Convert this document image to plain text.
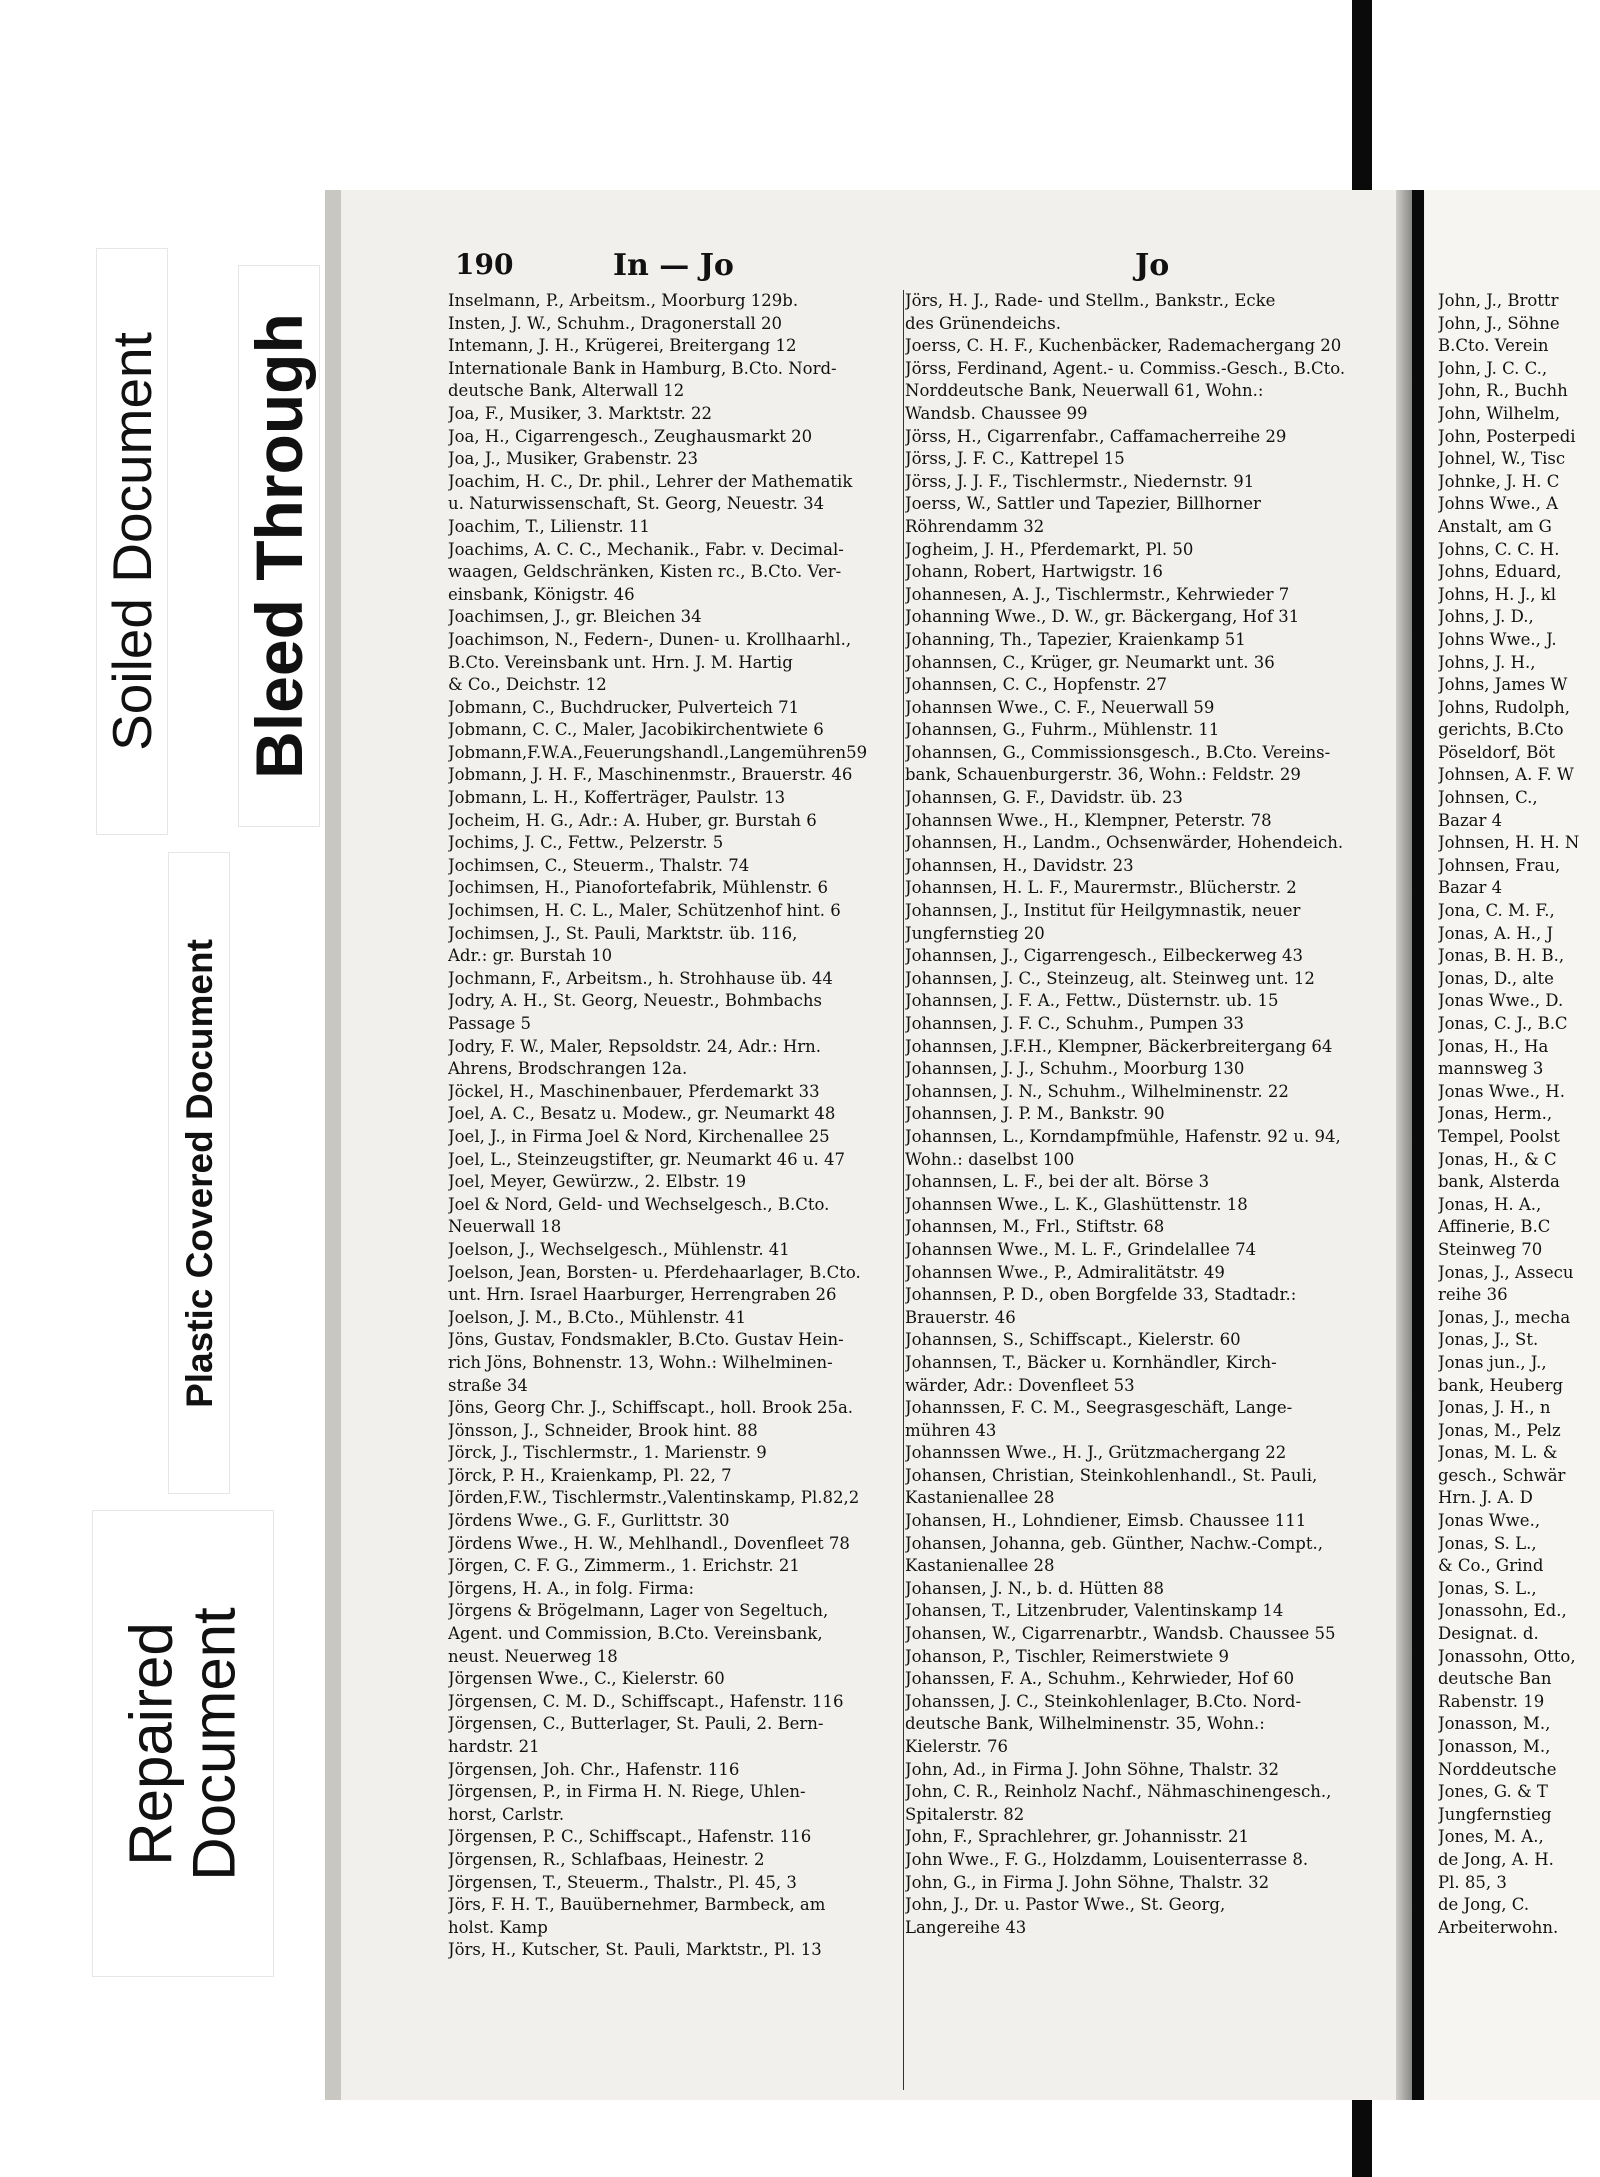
Soiled Document Bleed Through
Plastic Covered Document
Repaired
Document
190	In — Jo	Jo
Inselmann, P., Arbeitsm., Moorburg 129b.
Insten, J. W., Schuhm., Dragonerstall 20
Intemann, J. H., Krügerei, Breitergang 12
Internationale Bank in Hamburg, B.Cto. Nord-
deutsche Bank, Alterwall 12
Joa, F., Musiker, 3. Marktstr. 22
Joa, H., Cigarrengesch., Zeughausmarkt 20
Joa, J., Musiker, Grabenstr. 23
Joachim, H. C., Dr. phil., Lehrer der Mathematik
u. Naturwissenschaft, St. Georg, Neuestr. 34
Joachim, T., Lilienstr. 11
Joachims, A. C. C., Mechanik., Fabr. v. Decimal-
waagen, Geldschränken, Kisten rc., B.Cto. Ver-
einsbank, Königstr. 46
Joachimsen, J., gr. Bleichen 34
Joachimson, N., Federn-, Dunen- u. Krollhaarhl.,
B.Cto. Vereinsbank unt. Hrn. J. M. Hartig
& Co., Deichstr. 12
Jobmann, C., Buchdrucker, Pulverteich 71
Jobmann, C. C., Maler, Jacobikirchentwiete 6
Jobmann,F.W.A.,Feuerungshandl.,Langemühren59
Jobmann, J. H. F., Maschinenmstr., Brauerstr. 46
Jobmann, L. H., Kofferträger, Paulstr. 13
Jocheim, H. G., Adr.: A. Huber, gr. Burstah 6
Jochims, J. C., Fettw., Pelzerstr. 5
Jochimsen, C., Steuerm., Thalstr. 74
Jochimsen, H., Pianofortefabrik, Mühlenstr. 6
Jochimsen, H. C. L., Maler, Schützenhof hint. 6
Jochimsen, J., St. Pauli, Marktstr. üb. 116,
Adr.: gr. Burstah 10
Jochmann, F., Arbeitsm., h. Strohhause üb. 44
Jodry, A. H., St. Georg, Neuestr., Bohmbachs
Passage 5
Jodry, F. W., Maler, Repsoldstr. 24, Adr.: Hrn.
Ahrens, Brodschrangen 12a.
Jöckel, H., Maschinenbauer, Pferdemarkt 33
Joel, A. C., Besatz u. Modew., gr. Neumarkt 48
Joel, J., in Firma Joel & Nord, Kirchenallee 25
Joel, L., Steinzeugstifter, gr. Neumarkt 46 u. 47
Joel, Meyer, Gewürzw., 2. Elbstr. 19
Joel & Nord, Geld- und Wechselgesch., B.Cto.
Neuerwall 18
Joelson, J., Wechselgesch., Mühlenstr. 41
Joelson, Jean, Borsten- u. Pferdehaarlager, B.Cto.
unt. Hrn. Israel Haarburger, Herrengraben 26
Joelson, J. M., B.Cto., Mühlenstr. 41
Jöns, Gustav, Fondsmakler, B.Cto. Gustav Hein-
rich Jöns, Bohnenstr. 13, Wohn.: Wilhelminen-
straße 34
Jöns, Georg Chr. J., Schiffscapt., holl. Brook 25a.
Jönsson, J., Schneider, Brook hint. 88
Jörck, J., Tischlermstr., 1. Marienstr. 9
Jörck, P. H., Kraienkamp, Pl. 22, 7
Jörden,F.W., Tischlermstr.,Valentinskamp, Pl.82,2
Jördens Wwe., G. F., Gurlittstr. 30
Jördens Wwe., H. W., Mehlhandl., Dovenfleet 78
Jörgen, C. F. G., Zimmerm., 1. Erichstr. 21
Jörgens, H. A., in folg. Firma:
Jörgens & Brögelmann, Lager von Segeltuch,
Agent. und Commission, B.Cto. Vereinsbank,
neust. Neuerweg 18
Jörgensen Wwe., C., Kielerstr. 60
Jörgensen, C. M. D., Schiffscapt., Hafenstr. 116
Jörgensen, C., Butterlager, St. Pauli, 2. Bern-
hardstr. 21
Jörgensen, Joh. Chr., Hafenstr. 116
Jörgensen, P., in Firma H. N. Riege, Uhlen-
horst, Carlstr.
Jörgensen, P. C., Schiffscapt., Hafenstr. 116
Jörgensen, R., Schlafbaas, Heinestr. 2
Jörgensen, T., Steuerm., Thalstr., Pl. 45, 3
Jörs, F. H. T., Bauübernehmer, Barmbeck, am
holst. Kamp
Jörs, H., Kutscher, St. Pauli, Marktstr., Pl. 13
Jörs, H. J., Rade- und Stellm., Bankstr., Ecke
des Grünendeichs.
Joerss, C. H. F., Kuchenbäcker, Rademachergang 20
Jörss, Ferdinand, Agent.- u. Commiss.-Gesch., B.Cto.
Norddeutsche Bank, Neuerwall 61, Wohn.:
Wandsb. Chaussee 99
Jörss, H., Cigarrenfabr., Caffamacherreihe 29
Jörss, J. F. C., Kattrepel 15
Jörss, J. J. F., Tischlermstr., Niedernstr. 91
Joerss, W., Sattler und Tapezier, Billhorner
Röhrendamm 32
Jogheim, J. H., Pferdemarkt, Pl. 50
Johann, Robert, Hartwigstr. 16
Johannesen, A. J., Tischlermstr., Kehrwieder 7
Johanning Wwe., D. W., gr. Bäckergang, Hof 31
Johanning, Th., Tapezier, Kraienkamp 51
Johannsen, C., Krüger, gr. Neumarkt unt. 36
Johannsen, C. C., Hopfenstr. 27
Johannsen Wwe., C. F., Neuerwall 59
Johannsen, G., Fuhrm., Mühlenstr. 11
Johannsen, G., Commissionsgesch., B.Cto. Vereins-
bank, Schauenburgerstr. 36, Wohn.: Feldstr. 29
Johannsen, G. F., Davidstr. üb. 23
Johannsen Wwe., H., Klempner, Peterstr. 78
Johannsen, H., Landm., Ochsenwärder, Hohendeich.
Johannsen, H., Davidstr. 23
Johannsen, H. L. F., Maurermstr., Blücherstr. 2
Johannsen, J., Institut für Heilgymnastik, neuer
Jungfernstieg 20
Johannsen, J., Cigarrengesch., Eilbeckerweg 43
Johannsen, J. C., Steinzeug, alt. Steinweg unt. 12
Johannsen, J. F. A., Fettw., Düsternstr. ub. 15
Johannsen, J. F. C., Schuhm., Pumpen 33
Johannsen, J.F.H., Klempner, Bäckerbreitergang 64
Johannsen, J. J., Schuhm., Moorburg 130
Johannsen, J. N., Schuhm., Wilhelminenstr. 22
Johannsen, J. P. M., Bankstr. 90
Johannsen, L., Korndampfmühle, Hafenstr. 92 u. 94,
Wohn.: daselbst 100
Johannsen, L. F., bei der alt. Börse 3
Johannsen Wwe., L. K., Glashüttenstr. 18
Johannsen, M., Frl., Stiftstr. 68
Johannsen Wwe., M. L. F., Grindelallee 74
Johannsen Wwe., P., Admiralitätstr. 49
Johannsen, P. D., oben Borgfelde 33, Stadtadr.:
Brauerstr. 46
Johannsen, S., Schiffscapt., Kielerstr. 60
Johannsen, T., Bäcker u. Kornhändler, Kirch-
wärder, Adr.: Dovenfleet 53
Johannssen, F. C. M., Seegrasgeschäft, Lange-
mühren 43
Johannssen Wwe., H. J., Grützmachergang 22
Johansen, Christian, Steinkohlenhandl., St. Pauli,
Kastanienallee 28
Johansen, H., Lohndiener, Eimsb. Chaussee 111
Johansen, Johanna, geb. Günther, Nachw.-Compt.,
Kastanienallee 28
Johansen, J. N., b. d. Hütten 88
Johansen, T., Litzenbruder, Valentinskamp 14
Johansen, W., Cigarrenarbtr., Wandsb. Chaussee 55
Johanson, P., Tischler, Reimerstwiete 9
Johanssen, F. A., Schuhm., Kehrwieder, Hof 60
Johanssen, J. C., Steinkohlenlager, B.Cto. Nord-
deutsche Bank, Wilhelminenstr. 35, Wohn.:
Kielerstr. 76
John, Ad., in Firma J. John Söhne, Thalstr. 32
John, C. R., Reinholz Nachf., Nähmaschinengesch.,
Spitalerstr. 82
John, F., Sprachlehrer, gr. Johannisstr. 21
John Wwe., F. G., Holzdamm, Louisenterrasse 8.
John, G., in Firma J. John Söhne, Thalstr. 32
John, J., Dr. u. Pastor Wwe., St. Georg,
Langereihe 43
John, J., Brottr
John, J., Söhne
B.Cto. Verein
John, J. C. C.,
John, R., Buchh
John, Wilhelm,
John, Posterpedi
Johnel, W., Tisc
Johnke, J. H. C
Johns Wwe., A
Anstalt, am G
Johns, C. C. H.
Johns, Eduard,
Johns, H. J., kl
Johns, J. D.,
Johns Wwe., J.
Johns, J. H.,
Johns, James W
Johns, Rudolph,
gerichts, B.Cto
Pöseldorf, Böt
Johnsen, A. F. W
Johnsen, C.,
Bazar 4
Johnsen, H. H. N
Johnsen, Frau,
Bazar 4
Jona, C. M. F.,
Jonas, A. H., J
Jonas, B. H. B.,
Jonas, D., alte
Jonas Wwe., D.
Jonas, C. J., B.C
Jonas, H., Ha
mannsweg 3
Jonas Wwe., H.
Jonas, Herm.,
Tempel, Poolst
Jonas, H., & C
bank, Alsterda
Jonas, H. A.,
Affinerie, B.C
Steinweg 70
Jonas, J., Assecu
reihe 36
Jonas, J., mecha
Jonas, J., St.
Jonas jun., J.,
bank, Heuberg
Jonas, J. H., n
Jonas, M., Pelz
Jonas, M. L. &
gesch., Schwär
Hrn. J. A. D
Jonas Wwe.,
Jonas, S. L.,
& Co., Grind
Jonas, S. L.,
Jonassohn, Ed.,
Designat. d.
Jonassohn, Otto,
deutsche Ban
Rabenstr. 19
Jonasson, M.,
Jonasson, M.,
Norddeutsche
Jones, G. & T
Jungfernstieg
Jones, M. A.,
de Jong, A. H.
Pl. 85, 3
de Jong, C.
Arbeiterwohn.
